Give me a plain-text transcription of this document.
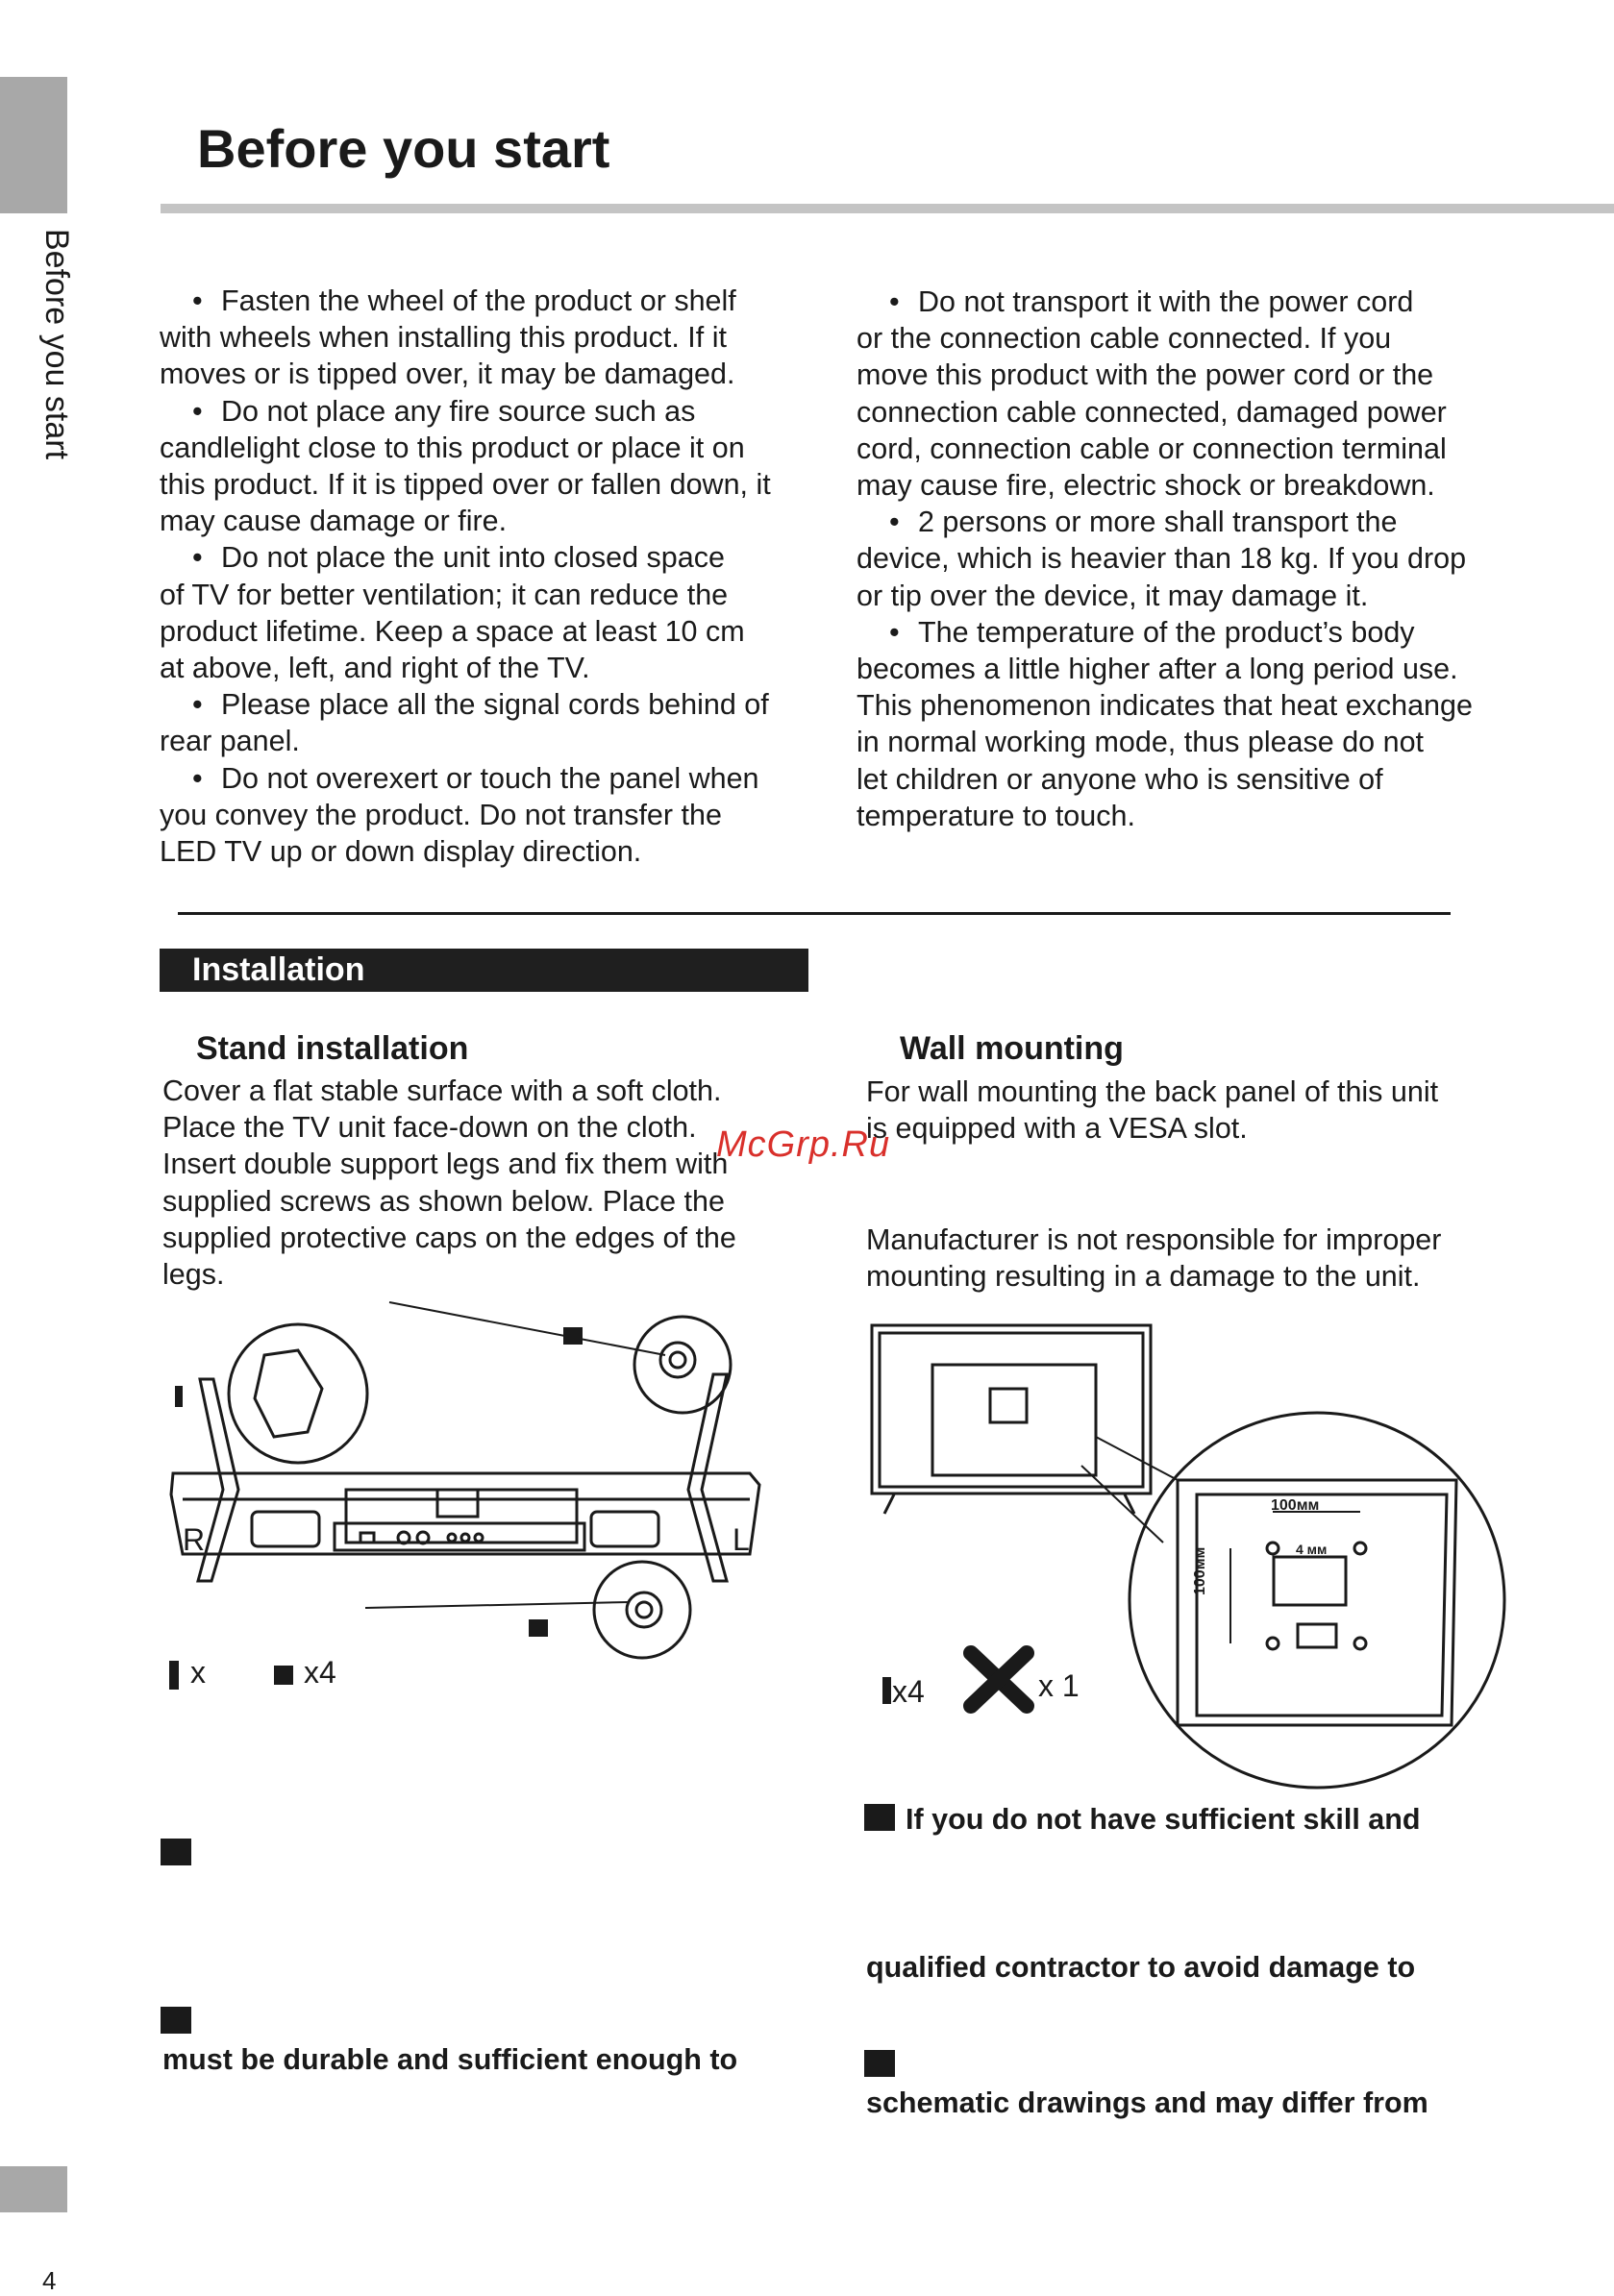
Before you start
Before you start

• Fasten the wheel of the product or shelf

with wheels when installing this product. If it

moves or is tipped over, it may be damaged.

• Do not place any fire source such as

candlelight close to this product or place it on

this product. If it is tipped over or fallen down, it

may cause damage or fire.

• Do not place the unit into closed space

of TV for better ventilation; it can reduce the

product lifetime. Keep a space at least 10 cm

at above, left, and right of the TV.

• Please place all the signal cords behind of

rear panel.

• Do not overexert or touch the panel when

you convey the product. Do not transfer the

LED TV up or down display direction.

• Do not transport it with the power cord

or the connection cable connected. If you

move this product with the power cord or the

connection cable connected, damaged power

cord, connection cable or connection terminal

may cause fire, electric shock or breakdown.

• 2 persons or more shall transport the

device, which is heavier than 18 kg. If you drop

or tip over the device, it may damage it.

• The temperature of the product’s body

becomes a little higher after a long period use.

This phenomenon indicates that heat exchange

in normal working mode, thus please do not

let children or anyone who is sensitive of

temperature to touch.

Installation
Stand installation

Cover a flat stable surface with a soft cloth.

Place the TV unit face-down on the cloth.

Insert double support legs and fix them with

supplied screws as shown below. Place the

supplied protective caps on the edges of the

legs.

Wall mounting

For wall mounting the back panel of this unit

is equipped with a VESA slot.

Manufacturer is not responsible for improper

mounting resulting in a damage to the unit.

McGrp.Ru
R	L
x	x4
100мм
4 мм
100мм
x4	x 1
must be durable and sufficient enough to
If you do not have sufficient skill and
qualified contractor to avoid damage to
schematic drawings and may differ from
4
